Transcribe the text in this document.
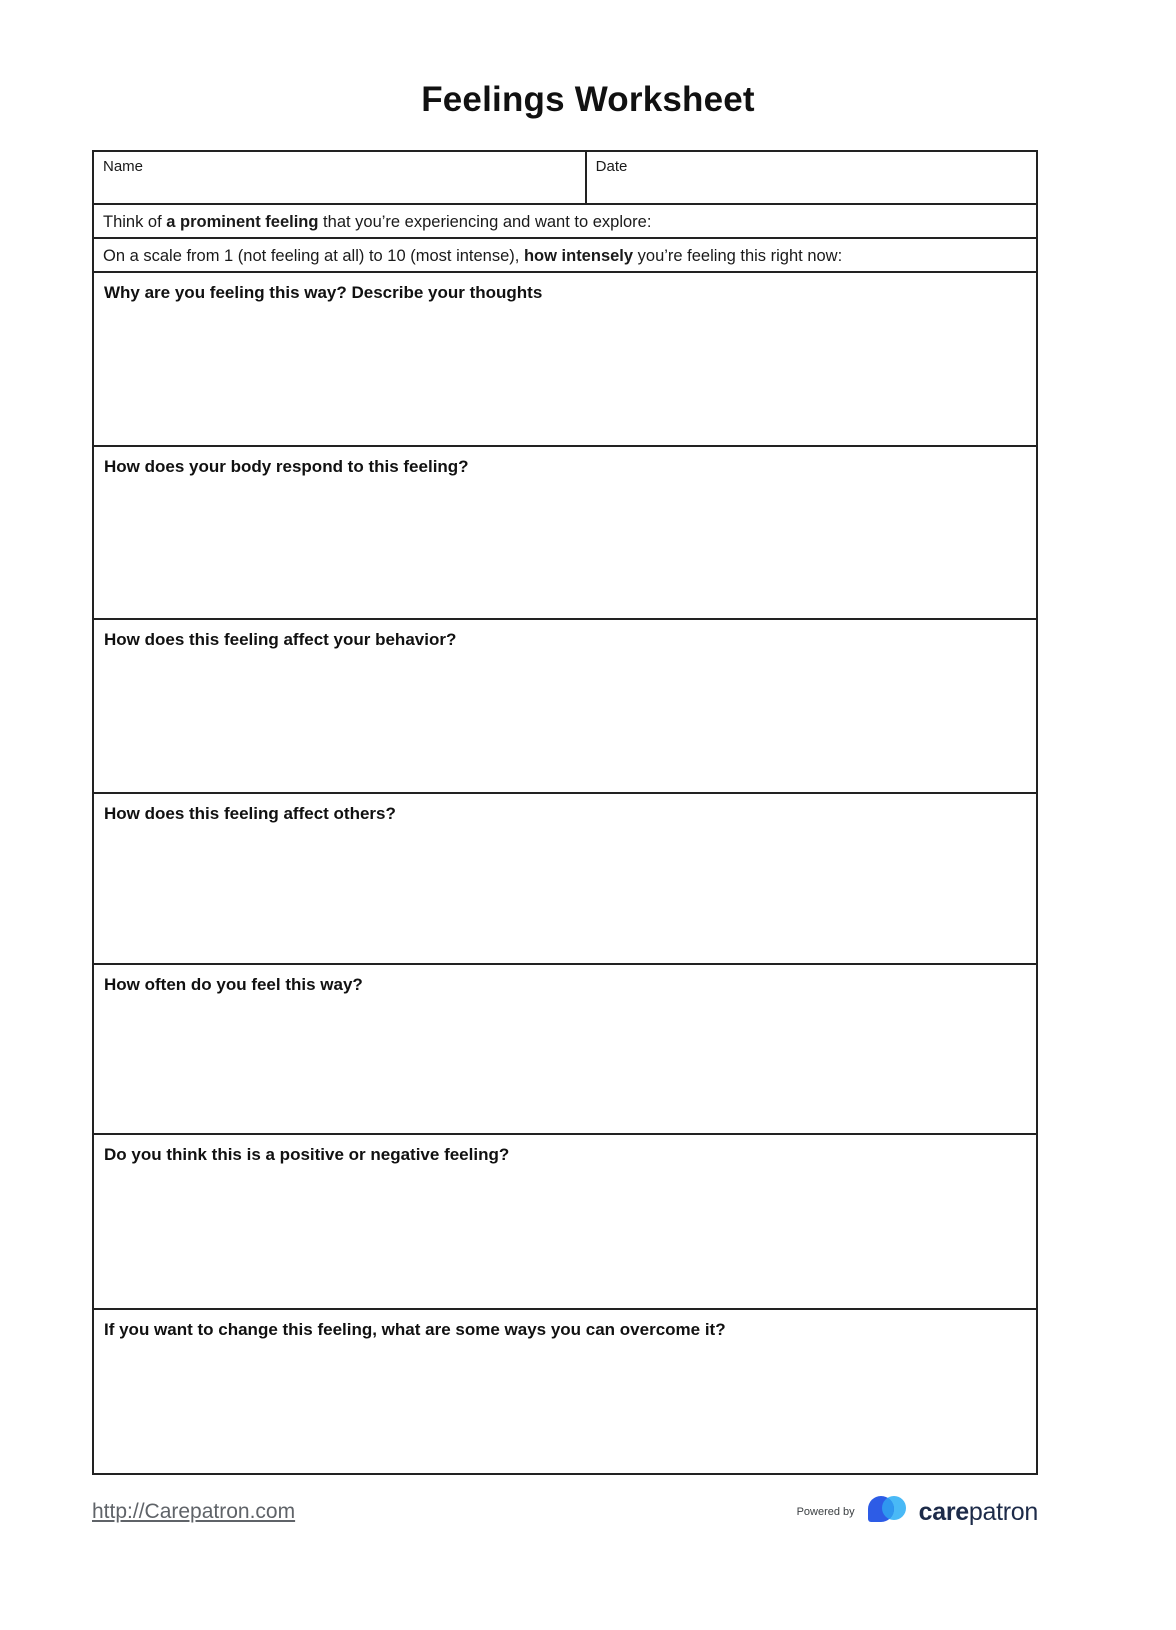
Feelings Worksheet
Name	Date

Think of a prominent feeling that you’re experiencing and want to explore:

On a scale from 1 (not feeling at all) to 10 (most intense), how intensely you’re feeling this right now:

Why are you feeling this way? Describe your thoughts

How does your body respond to this feeling?

How does this feeling affect your behavior?

How does this feeling affect others?

How often do you feel this way?

Do you think this is a positive or negative feeling?

If you want to change this feeling, what are some ways you can overcome it?

http://Carepatron.com	Powered by	carepatron
